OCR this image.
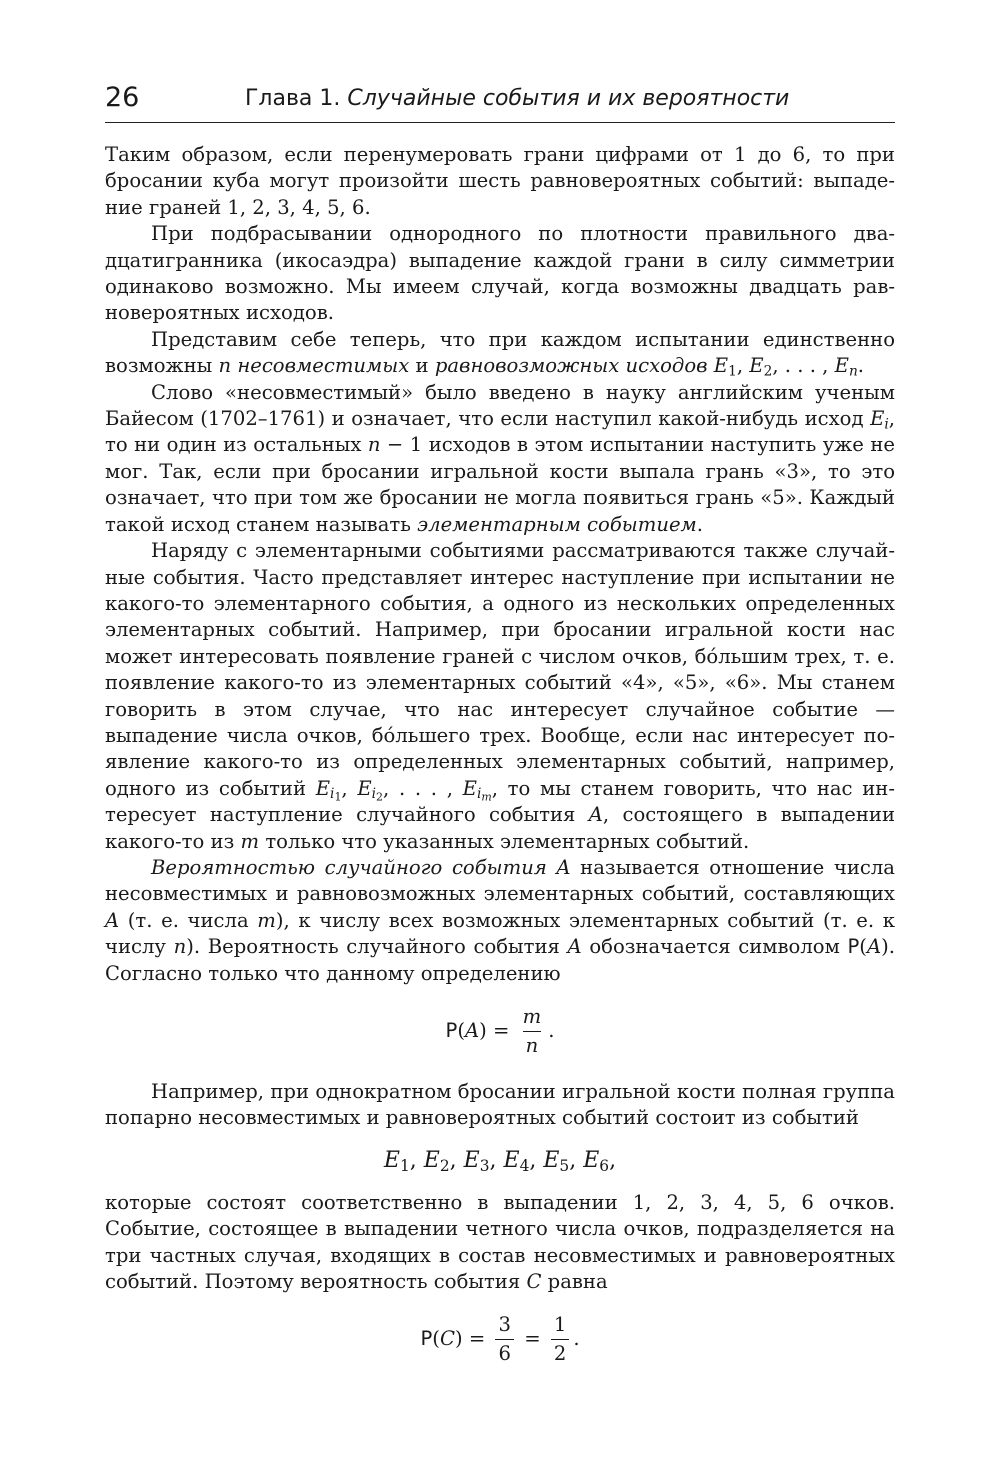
26	Глава 1. Случайные события и их вероятности

Таким образом, если перенумеровать грани цифрами от 1 до 6, то при бросании куба могут произойти шесть равновероятных событий: выпадение граней 1, 2, 3, 4, 5, 6.

При подбрасывании однородного по плотности правильного двадцатигранника (икосаэдра) выпадение каждой грани в силу симметрии одинаково возможно. Мы имеем случай, когда возможны двадцать равновероятных исходов.

Представим себе теперь, что при каждом испытании единственно возможны n несовместимых и равновозможных исходов $E_1$, $E_2$, . . . , $E_n$.

Слово «несовместимый» было введено в науку английским ученым Байесом (1702–1761) и означает, что если наступил какой-нибудь исход $E_i$, то ни один из остальных n − 1 исходов в этом испытании наступить уже не мог. Так, если при бросании игральной кости выпала грань «3», то это означает, что при том же бросании не могла появиться грань «5». Каждый такой исход станем называть элементарным событием.

Наряду с элементарными событиями рассматриваются также случайные события. Часто представляет интерес наступление при испытании не какого-то элементарного события, а одного из нескольких определенных элементарных событий. Например, при бросании игральной кости нас может интересовать появление граней с числом очков, бо́льшим трех, т. е. появление какого-то из элементарных событий «4», «5», «6». Мы станем говорить в этом случае, что нас интересует случайное событие — выпадение числа очков, бо́льшего трех. Вообще, если нас интересует появление какого-то из определенных элементарных событий, например, одного из событий $E_{i_1}$, $E_{i_2}$, . . . , $E_{i_m}$, то мы станем говорить, что нас интересует наступление случайного события A, состоящего в выпадении какого-то из m только что указанных элементарных событий.

Вероятностью случайного события A называется отношение числа несовместимых и равновозможных элементарных событий, составляющих A (т. е. числа m), к числу всех возможных элементарных событий (т. е. к числу n). Вероятность случайного события A обозначается символом P(A). Согласно только что данному определению

$P(A) = \frac{m}{n}$ .

Например, при однократном бросании игральной кости полная группа попарно несовместимых и равновероятных событий состоит из событий

$E_1$, $E_2$, $E_3$, $E_4$, $E_5$, $E_6$,

которые состоят соответственно в выпадении 1, 2, 3, 4, 5, 6 очков. Событие, состоящее в выпадении четного числа очков, подразделяется на три частных случая, входящих в состав несовместимых и равновероятных событий. Поэтому вероятность события C равна

$P(C) = \frac{3}{6} = \frac{1}{2}$ .
